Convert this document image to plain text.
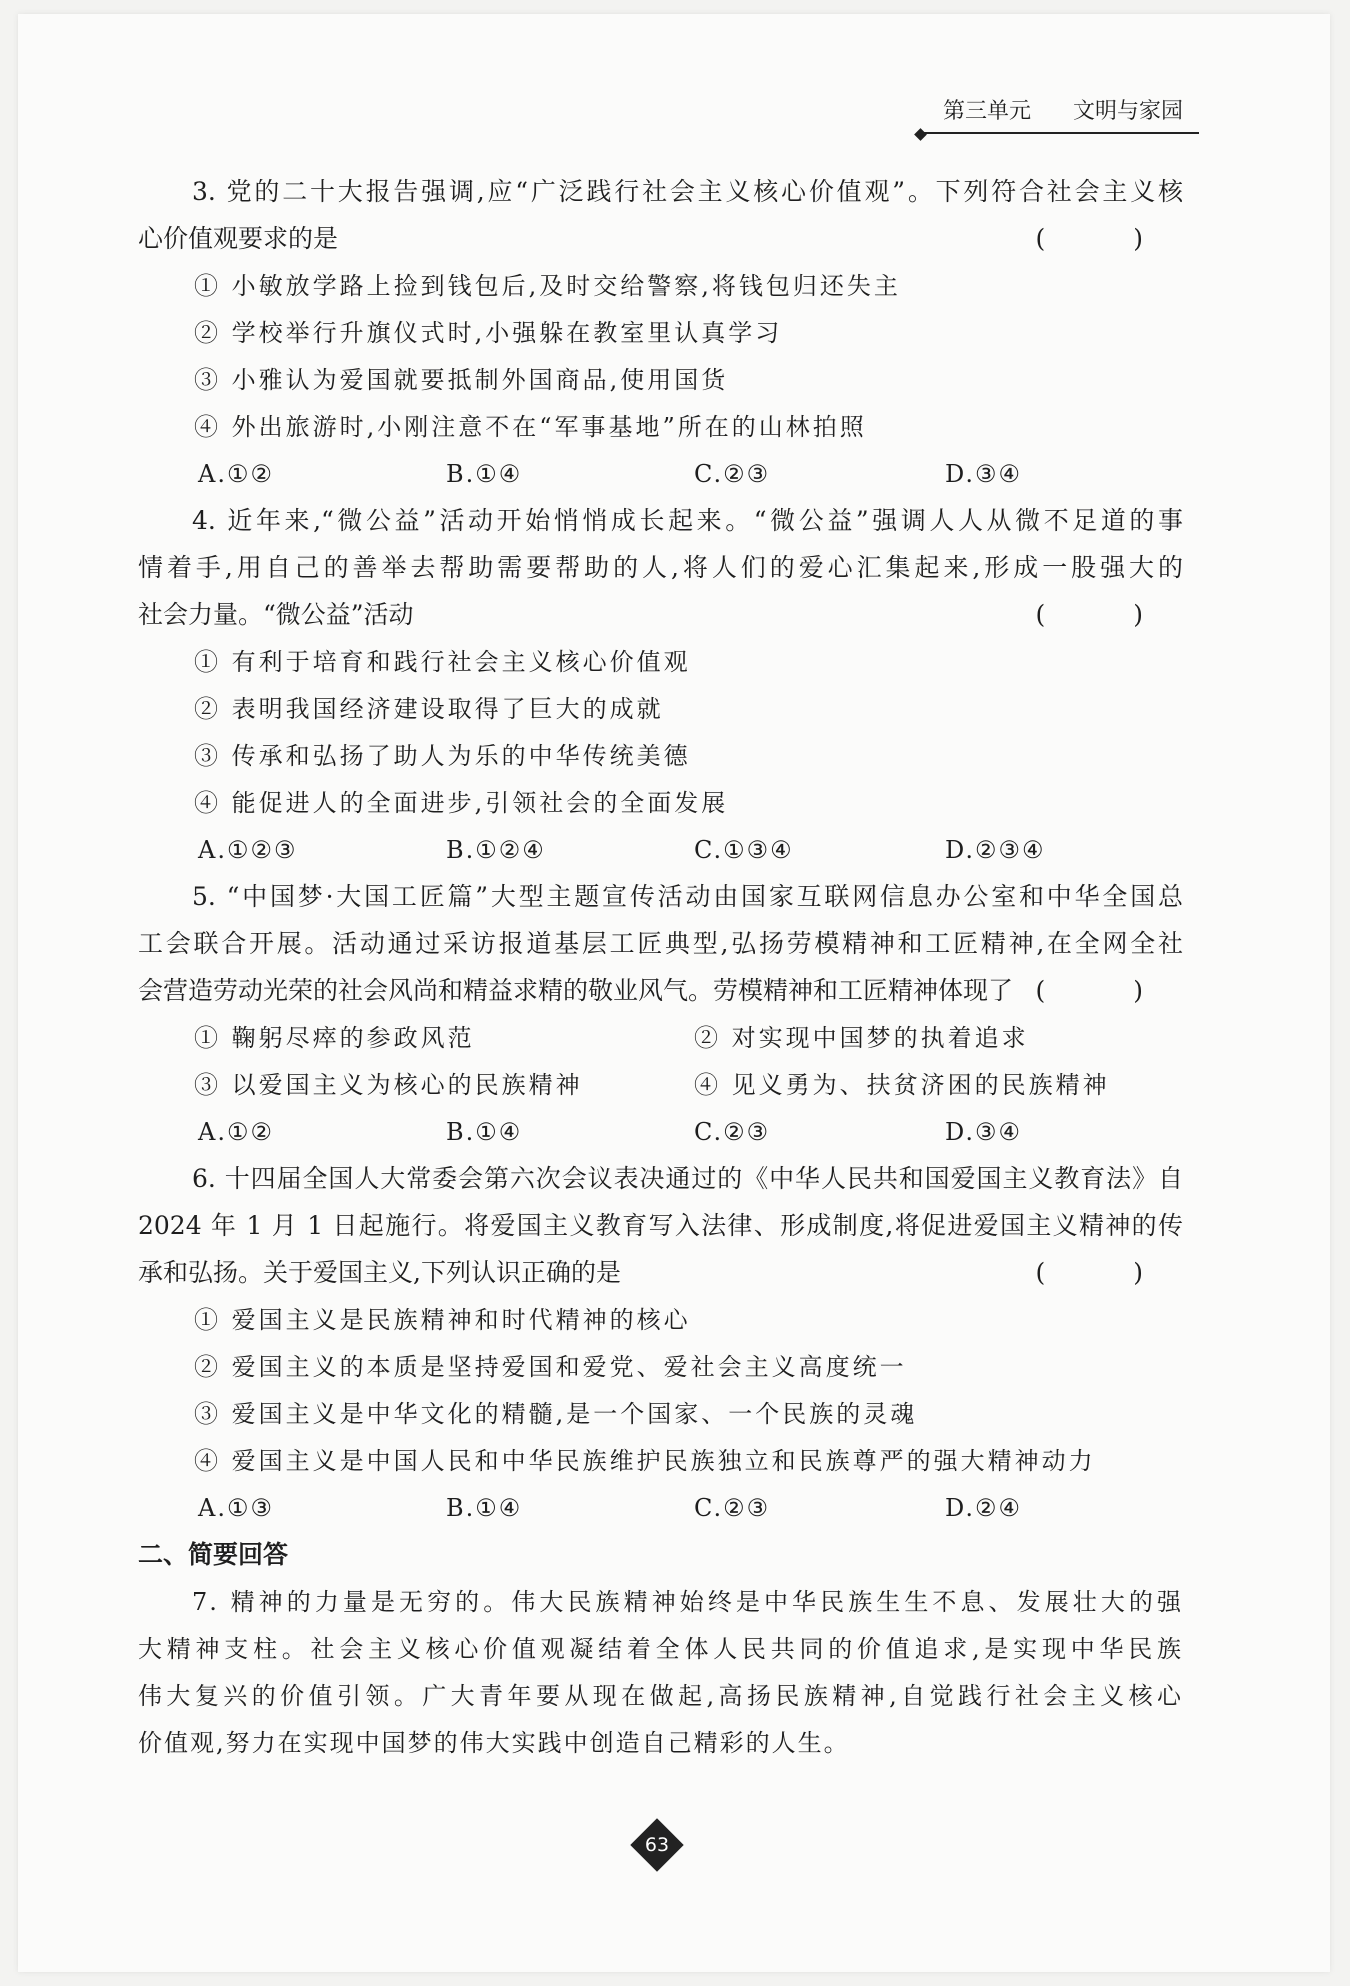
第三单元 文明与家园
3. 党的二十大报告强调,应“广泛践行社会主义核心价值观”。下列符合社会主义核
心价值观要求的是	( )
① 小敏放学路上捡到钱包后,及时交给警察,将钱包归还失主
② 学校举行升旗仪式时,小强躲在教室里认真学习
③ 小雅认为爱国就要抵制外国商品,使用国货
④ 外出旅游时,小刚注意不在“军事基地”所在的山林拍照
A.①②	B.①④	C.②③	D.③④
4. 近年来,“微公益”活动开始悄悄成长起来。“微公益”强调人人从微不足道的事
情着手,用自己的善举去帮助需要帮助的人,将人们的爱心汇集起来,形成一股强大的
社会力量。“微公益”活动	( )
① 有利于培育和践行社会主义核心价值观
② 表明我国经济建设取得了巨大的成就
③ 传承和弘扬了助人为乐的中华传统美德
④ 能促进人的全面进步,引领社会的全面发展
A.①②③	B.①②④	C.①③④	D.②③④
5. “中国梦·大国工匠篇”大型主题宣传活动由国家互联网信息办公室和中华全国总
工会联合开展。活动通过采访报道基层工匠典型,弘扬劳模精神和工匠精神,在全网全社
会营造劳动光荣的社会风尚和精益求精的敬业风气。劳模精神和工匠精神体现了 ( )
① 鞠躬尽瘁的参政风范	② 对实现中国梦的执着追求
③ 以爱国主义为核心的民族精神	④ 见义勇为、扶贫济困的民族精神
A.①②	B.①④	C.②③	D.③④
6. 十四届全国人大常委会第六次会议表决通过的《中华人民共和国爱国主义教育法》自
2024 年 1 月 1 日起施行。将爱国主义教育写入法律、形成制度,将促进爱国主义精神的传
承和弘扬。关于爱国主义,下列认识正确的是	( )
① 爱国主义是民族精神和时代精神的核心
② 爱国主义的本质是坚持爱国和爱党、爱社会主义高度统一
③ 爱国主义是中华文化的精髓,是一个国家、一个民族的灵魂
④ 爱国主义是中国人民和中华民族维护民族独立和民族尊严的强大精神动力
A.①③	B.①④	C.②③	D.②④
二、简要回答
7. 精神的力量是无穷的。伟大民族精神始终是中华民族生生不息、发展壮大的强
大精神支柱。社会主义核心价值观凝结着全体人民共同的价值追求,是实现中华民族
伟大复兴的价值引领。广大青年要从现在做起,高扬民族精神,自觉践行社会主义核心
价值观,努力在实现中国梦的伟大实践中创造自己精彩的人生。
63
